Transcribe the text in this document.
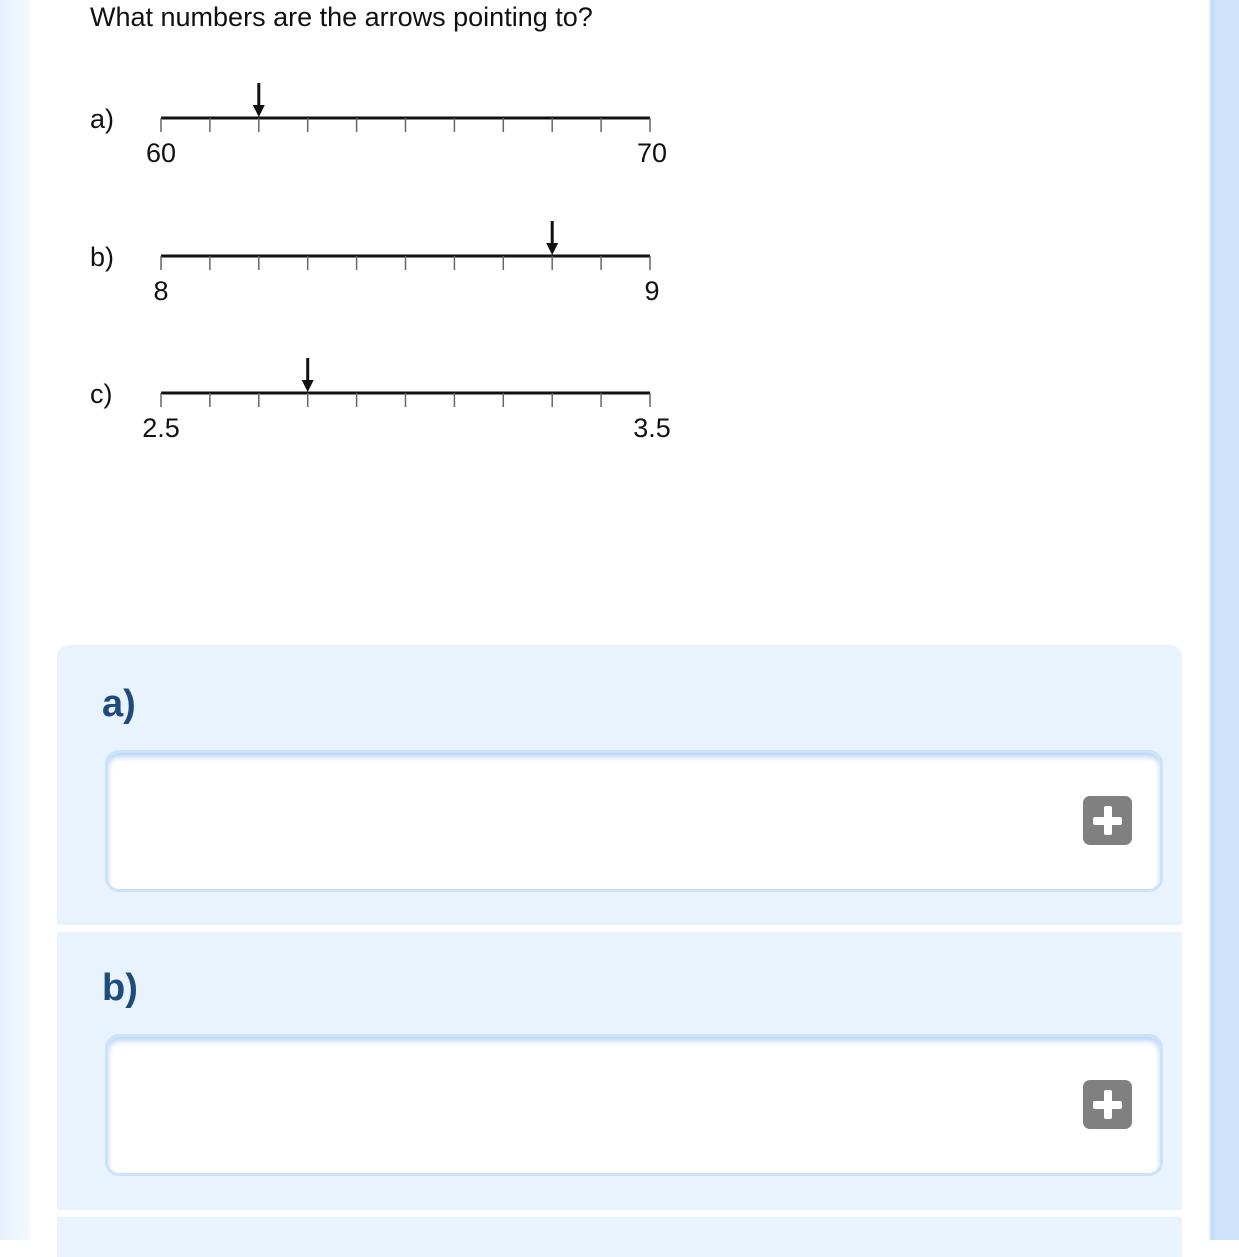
What numbers are the arrows pointing to?
a)
60	70
b)
8	9
c)
2.5	3.5
a)
b)
